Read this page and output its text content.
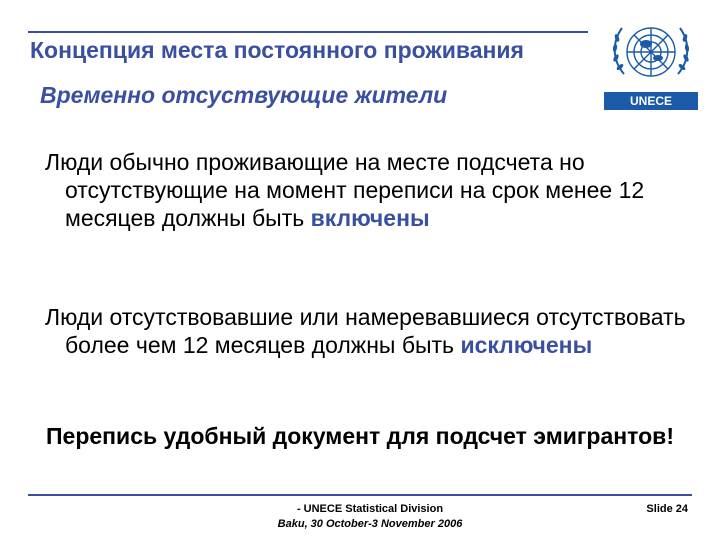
Концепция места постоянного проживания
Временно отсуствующие жители	UNECE
Люди обычно проживающие на месте подсчета но отсутствующие на момент переписи на срок менее 12 месяцев должны быть включены
Люди отсутствовавшие или намеревавшиеся отсутствовать более чем 12 месяцев должны быть исключены
Перепись удобный документ для подсчет эмигрантов!
- UNECE Statistical Division
Baku, 30 October-3 November 2006
Slide 24
